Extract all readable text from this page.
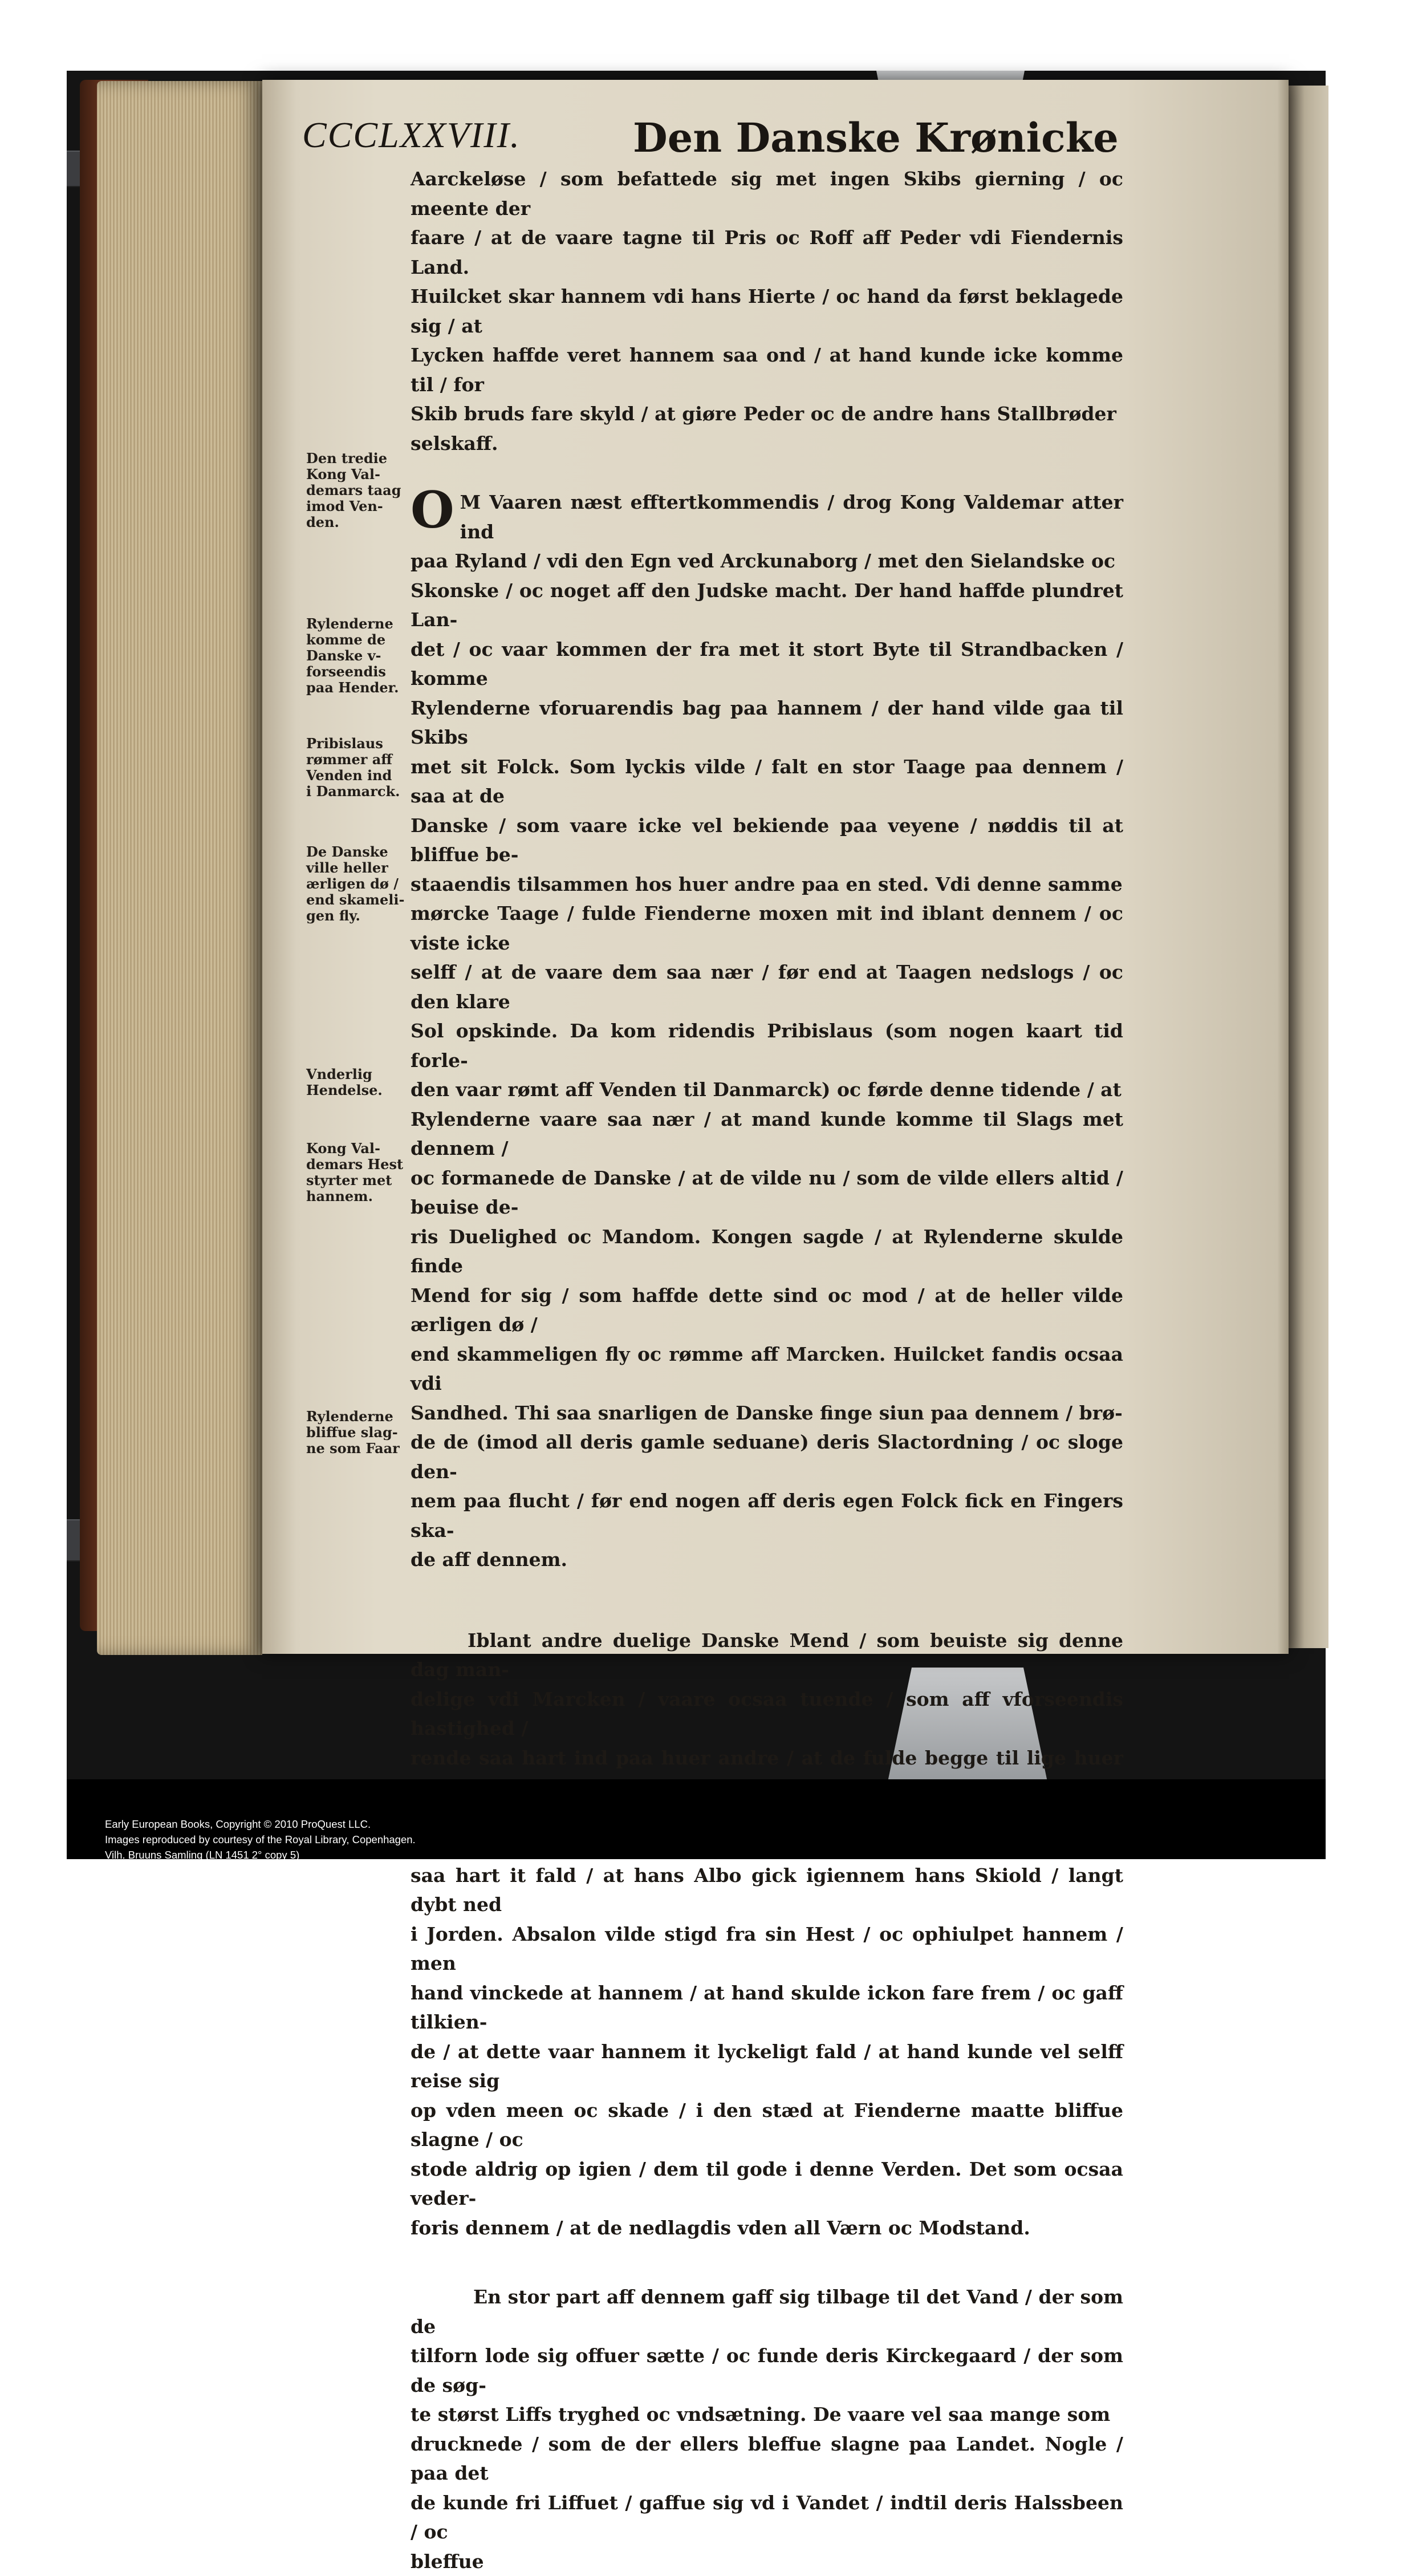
CCCLXXVIII.	Den Danske Krønicke

Aarckeløse / som befattede sig met ingen Skibs gierning / oc meente der
faare / at de vaare tagne til Pris oc Roff aff Peder vdi Fiendernis Land.
Huilcket skar hannem vdi hans Hierte / oc hand da først beklagede sig / at
Lycken haffde veret hannem saa ond / at hand kunde icke komme til / for
Skib bruds fare skyld / at giøre Peder oc de andre hans Stallbrøder
selskaff.

O M Vaaren næst efftertkommendis / drog Kong Valdemar atter ind
paa Ryland / vdi den Egn ved Arckunaborg / met den Sielandske oc
Skonske / oc noget aff den Judske macht. Der hand haffde plundret Lan-
det / oc vaar kommen der fra met it stort Byte til Strandbacken / komme
Rylenderne vforuarendis bag paa hannem / der hand vilde gaa til Skibs
met sit Folck. Som lyckis vilde / falt en stor Taage paa dennem / saa at de
Danske / som vaare icke vel bekiende paa veyene / nøddis til at bliffue be-
staaendis tilsammen hos huer andre paa en sted. Vdi denne samme
mørcke Taage / fulde Fienderne moxen mit ind iblant dennem / oc viste icke
selff / at de vaare dem saa nær / før end at Taagen nedslogs / oc den klare
Sol opskinde. Da kom ridendis Pribislaus (som nogen kaart tid forle-
den vaar rømt aff Venden til Danmarck) oc førde denne tidende / at
Rylenderne vaare saa nær / at mand kunde komme til Slags met dennem /
oc formanede de Danske / at de vilde nu / som de vilde ellers altid / beuise de-
ris Duelighed oc Mandom. Kongen sagde / at Rylenderne skulde finde
Mend for sig / som haffde dette sind oc mod / at de heller vilde ærligen dø /
end skammeligen fly oc rømme aff Marcken. Huilcket fandis ocsaa vdi
Sandhed. Thi saa snarligen de Danske finge siun paa dennem / brø-
de de (imod all deris gamle seduane) deris Slactordning / oc sloge den-
nem paa flucht / før end nogen aff deris egen Folck fick en Fingers ska-
de aff dennem.

Iblant andre duelige Danske Mend / som beuiste sig denne dag man-
delige vdi Marcken / vaare ocsaa tuende / som aff vforseendis hastighed /
rende saa hart ind paa huer andre / at de fulde begge til lige huer

saa hart it fald / at hans Albo gick igiennem hans Skiold / langt dybt ned
i Jorden. Absalon vilde stigd fra sin Hest / oc ophiulpet hannem / men
hand vinckede at hannem / at hand skulde ickon fare frem / oc gaff tilkien-
de / at dette vaar hannem it lyckeligt fald / at hand kunde vel selff reise sig
op vden meen oc skade / i den stæd at Fienderne maatte bliffue slagne / oc
stode aldrig op igien / dem til gode i denne Verden. Det som ocsaa veder-
foris dennem / at de nedlagdis vden all Værn oc Modstand.

En stor part aff dennem gaff sig tilbage til det Vand / der som de
tilforn lode sig offuer sætte / oc funde deris Kirckegaard / der som de søg-
te størst Liffs tryghed oc vndsætning. De vaare vel saa mange som
drucknede / som de der ellers bleffue slagne paa Landet. Nogle / paa det
de kunde fri Liffuet / gaffue sig vd i Vandet / indtil deris Halssbeen / oc
bleffue

Den tredie
Kong Val-
demars taag
imod Ven-
den.
Rylenderne
komme de
Danske v-
forseendis
paa Hender.
Pribislaus
rømmer aff
Venden ind
i Danmarck.
De Danske
ville heller
ærligen dø /
end skameli-
gen fly.
Vnderlig
Hendelse.
Kong Val-
demars Hest
styrter met
hannem.
Rylenderne
bliffue slag-
ne som Faar
Early European Books, Copyright © 2010 ProQuest LLC.
Images reproduced by courtesy of the Royal Library, Copenhagen.
Vilh. Bruuns Samling (LN 1451 2° copy 5)
